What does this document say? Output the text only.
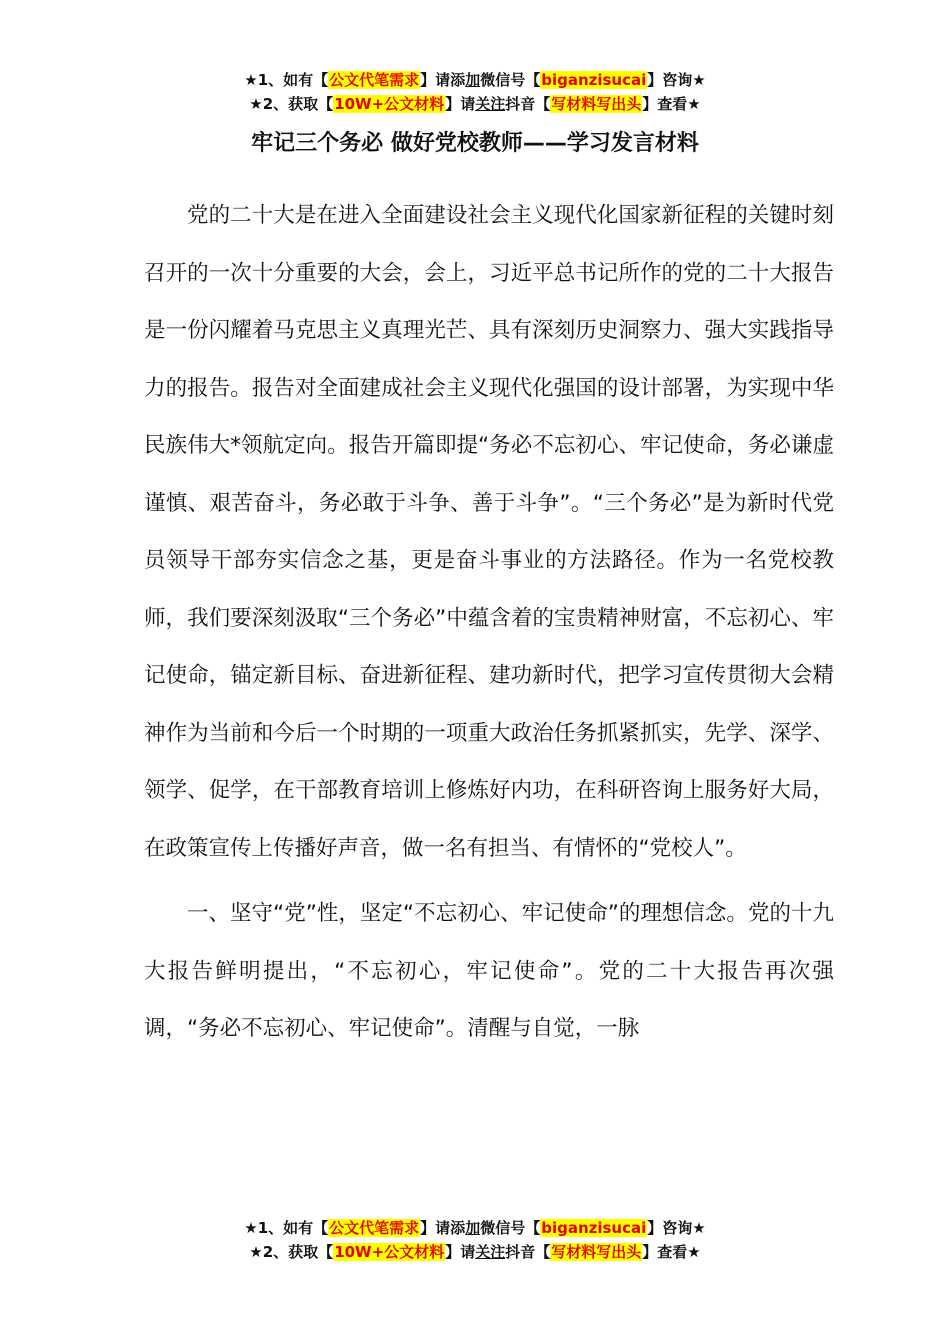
★1、如有【公文代笔需求】请添加微信号【biganzisucai】咨询★
★2、获取【10W+公文材料】请关注抖音【写材料写出头】查看★
牢记三个务必 做好党校教师——学习发言材料

党的二十大是在进入全面建设社会主义现代化国家新征程的关键时刻召开的一次十分重要的大会，会上，习近平总书记所作的党的二十大报告是一份闪耀着马克思主义真理光芒、具有深刻历史洞察力、强大实践指导力的报告。报告对全面建成社会主义现代化强国的设计部署，为实现中华民族伟大*领航定向。报告开篇即提“务必不忘初心、牢记使命，务必谦虚谨慎、艰苦奋斗，务必敢于斗争、善于斗争”。“三个务必”是为新时代党员领导干部夯实信念之基，更是奋斗事业的方法路径。作为一名党校教师，我们要深刻汲取“三个务必”中蕴含着的宝贵精神财富，不忘初心、牢记使命，锚定新目标、奋进新征程、建功新时代，把学习宣传贯彻大会精神作为当前和今后一个时期的一项重大政治任务抓紧抓实，先学、深学、领学、促学，在干部教育培训上修炼好内功，在科研咨询上服务好大局，在政策宣传上传播好声音，做一名有担当、有情怀的“党校人”。

一、坚守“党”性，坚定“不忘初心、牢记使命”的理想信念。党的十九大报告鲜明提出，“不忘初心，牢记使命”。党的二十大报告再次强调，“务必不忘初心、牢记使命”。清醒与自觉，一脉

★1、如有【公文代笔需求】请添加微信号【biganzisucai】咨询★
★2、获取【10W+公文材料】请关注抖音【写材料写出头】查看★
